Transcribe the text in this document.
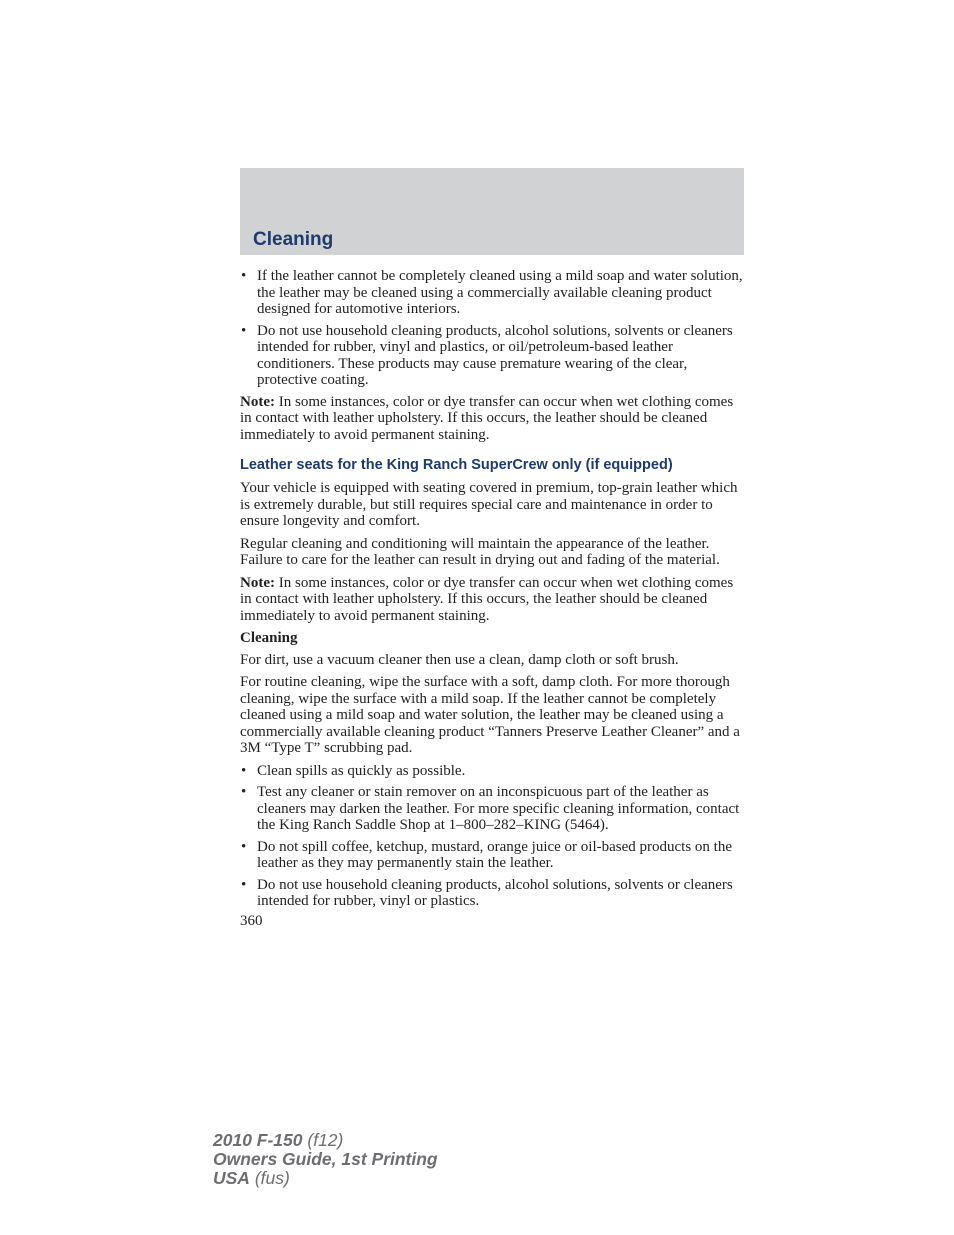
Cleaning
• If the leather cannot be completely cleaned using a mild soap and water solution, the leather may be cleaned using a commercially available cleaning product designed for automotive interiors.
• Do not use household cleaning products, alcohol solutions, solvents or cleaners intended for rubber, vinyl and plastics, or oil/petroleum-based leather conditioners. These products may cause premature wearing of the clear, protective coating.

Note: In some instances, color or dye transfer can occur when wet clothing comes in contact with leather upholstery. If this occurs, the leather should be cleaned immediately to avoid permanent staining.

Leather seats for the King Ranch SuperCrew only (if equipped)

Your vehicle is equipped with seating covered in premium, top-grain leather which is extremely durable, but still requires special care and maintenance in order to ensure longevity and comfort.

Regular cleaning and conditioning will maintain the appearance of the leather. Failure to care for the leather can result in drying out and fading of the material.

Note: In some instances, color or dye transfer can occur when wet clothing comes in contact with leather upholstery. If this occurs, the leather should be cleaned immediately to avoid permanent staining.

Cleaning

For dirt, use a vacuum cleaner then use a clean, damp cloth or soft brush.

For routine cleaning, wipe the surface with a soft, damp cloth. For more thorough cleaning, wipe the surface with a mild soap. If the leather cannot be completely cleaned using a mild soap and water solution, the leather may be cleaned using a commercially available cleaning product “Tanners Preserve Leather Cleaner” and a 3M “Type T” scrubbing pad.

• Clean spills as quickly as possible.
• Test any cleaner or stain remover on an inconspicuous part of the leather as cleaners may darken the leather. For more specific cleaning information, contact the King Ranch Saddle Shop at 1–800–282–KING (5464).
• Do not spill coffee, ketchup, mustard, orange juice or oil-based products on the leather as they may permanently stain the leather.
• Do not use household cleaning products, alcohol solutions, solvents or cleaners intended for rubber, vinyl or plastics.
360
2010 F-150 (f12)
Owners Guide, 1st Printing
USA (fus)
